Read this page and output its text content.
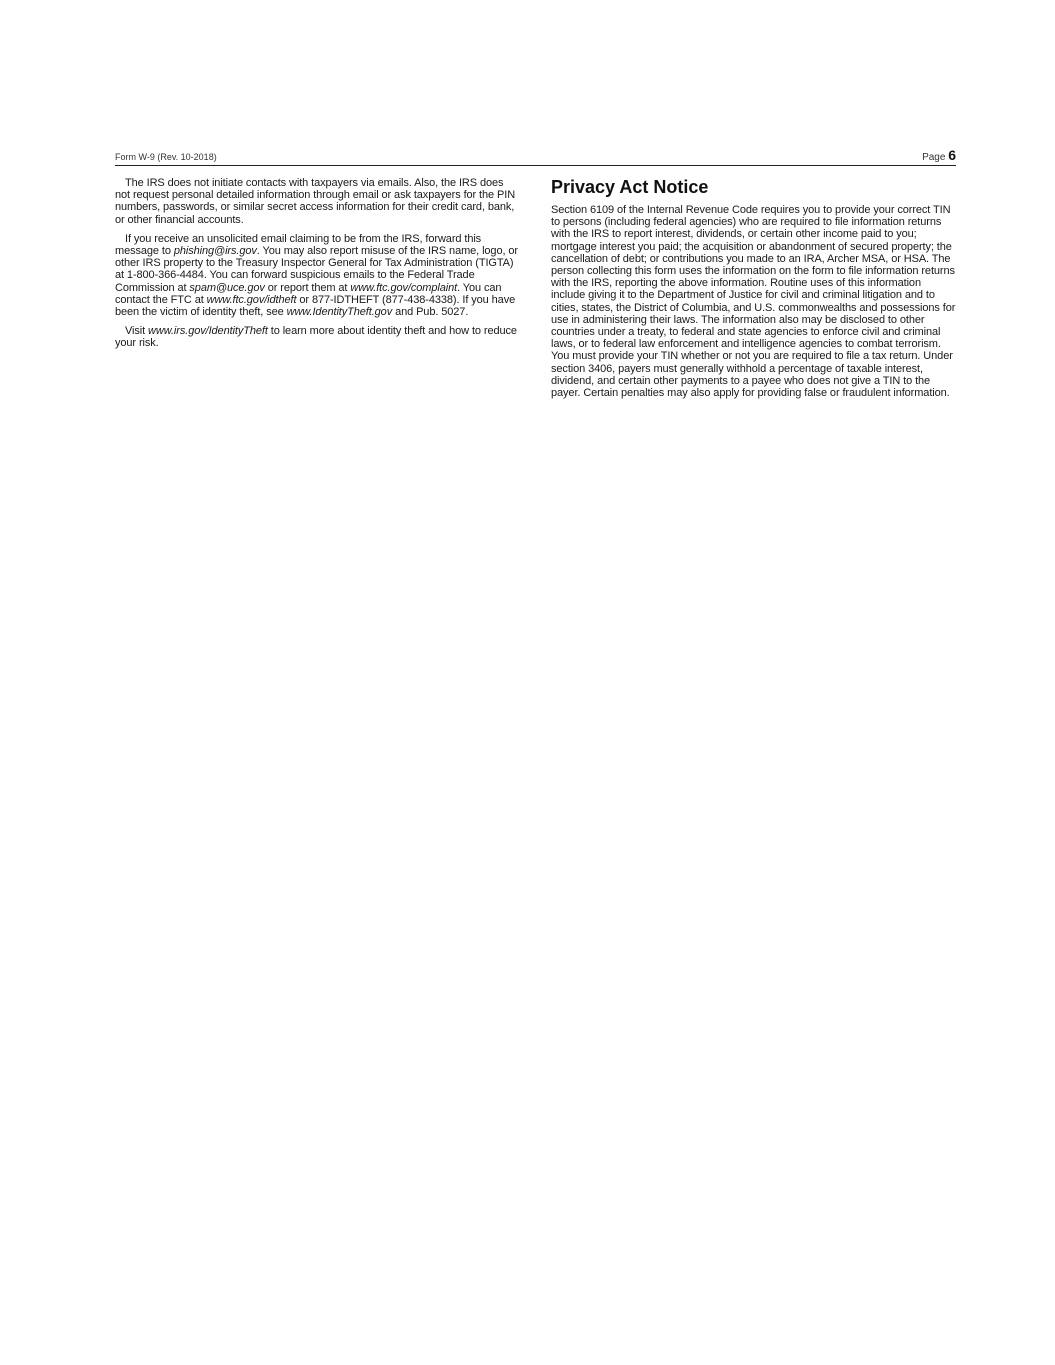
Form W-9 (Rev. 10-2018)	Page 6

The IRS does not initiate contacts with taxpayers via emails. Also, the IRS does not request personal detailed information through email or ask taxpayers for the PIN numbers, passwords, or similar secret access information for their credit card, bank, or other financial accounts.

If you receive an unsolicited email claiming to be from the IRS, forward this message to phishing@irs.gov. You may also report misuse of the IRS name, logo, or other IRS property to the Treasury Inspector General for Tax Administration (TIGTA) at 1-800-366-4484. You can forward suspicious emails to the Federal Trade Commission at spam@uce.gov or report them at www.ftc.gov/complaint. You can contact the FTC at www.ftc.gov/idtheft or 877-IDTHEFT (877-438-4338). If you have been the victim of identity theft, see www.IdentityTheft.gov and Pub. 5027.

Visit www.irs.gov/IdentityTheft to learn more about identity theft and how to reduce your risk.

Privacy Act Notice

Section 6109 of the Internal Revenue Code requires you to provide your correct TIN to persons (including federal agencies) who are required to file information returns with the IRS to report interest, dividends, or certain other income paid to you; mortgage interest you paid; the acquisition or abandonment of secured property; the cancellation of debt; or contributions you made to an IRA, Archer MSA, or HSA. The person collecting this form uses the information on the form to file information returns with the IRS, reporting the above information. Routine uses of this information include giving it to the Department of Justice for civil and criminal litigation and to cities, states, the District of Columbia, and U.S. commonwealths and possessions for use in administering their laws. The information also may be disclosed to other countries under a treaty, to federal and state agencies to enforce civil and criminal laws, or to federal law enforcement and intelligence agencies to combat terrorism. You must provide your TIN whether or not you are required to file a tax return. Under section 3406, payers must generally withhold a percentage of taxable interest, dividend, and certain other payments to a payee who does not give a TIN to the payer. Certain penalties may also apply for providing false or fraudulent information.
